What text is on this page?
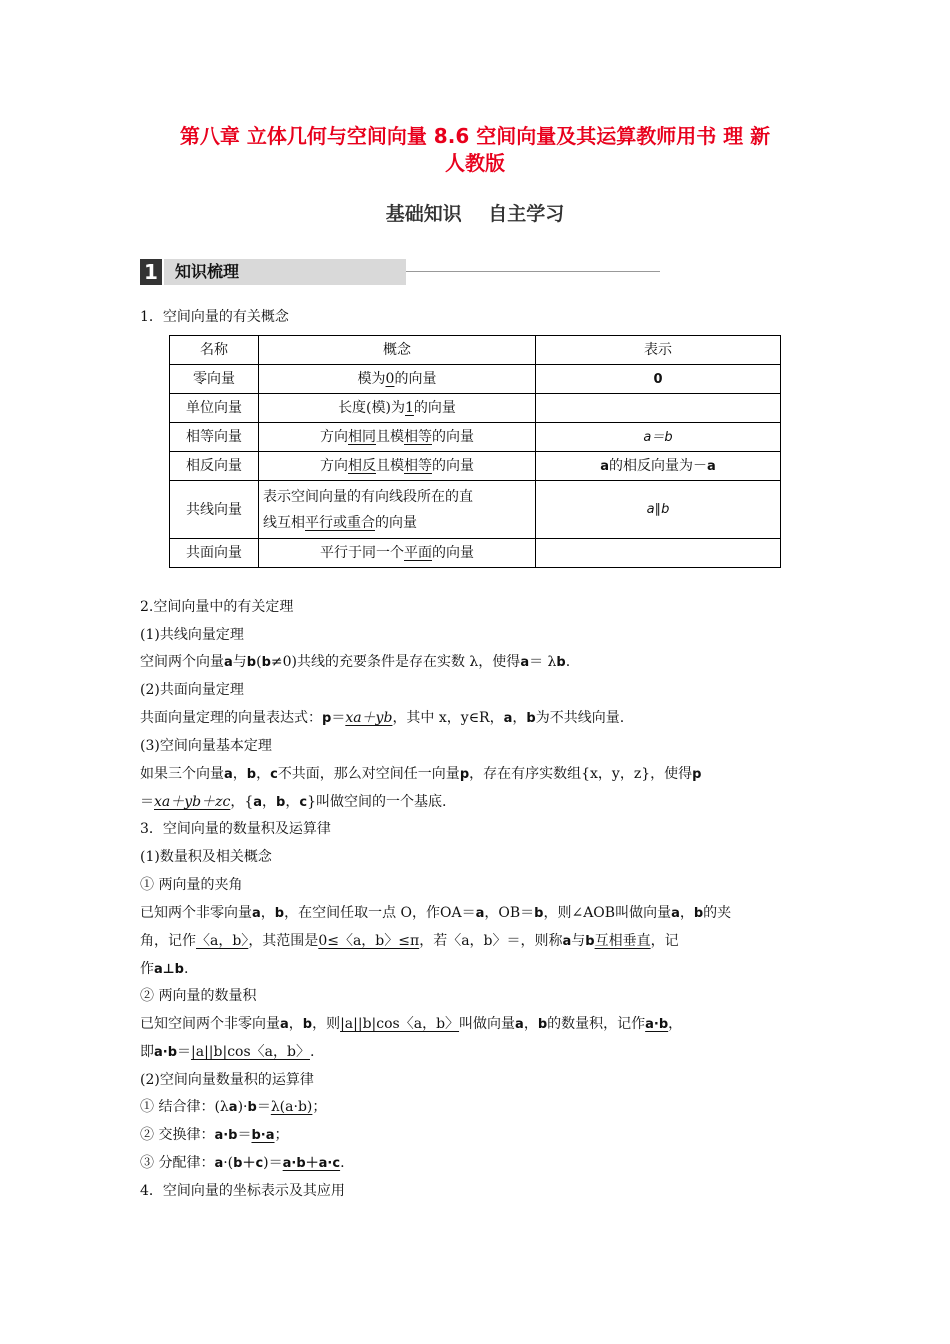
第八章 立体几何与空间向量 8.6 空间向量及其运算教师用书 理 新
人教版
基础知识    自主学习
1	知识梳理
1．空间向量的有关概念
名称	概念	表示
零向量	模为0的向量	0
单位向量	长度(模)为1的向量	
相等向量	方向相同且模相等的向量	a＝b
相反向量	方向相反且模相等的向量	a的相反向量为－a
共线向量	表示空间向量的有向线段所在的直
线互相平行或重合的向量	a∥b
共面向量	平行于同一个平面的向量	
2.空间向量中的有关定理
(1)共线向量定理
空间两个向量a与b(b≠0)共线的充要条件是存在实数 λ，使得a＝ λb.
(2)共面向量定理
共面向量定理的向量表达式：p＝xa＋yb，其中 x，y∈R，a，b为不共线向量.
(3)空间向量基本定理
如果三个向量a，b，c不共面，那么对空间任一向量p，存在有序实数组{x，y，z}，使得p
＝xa＋yb＋zc，{a，b，c}叫做空间的一个基底.
3．空间向量的数量积及运算律
(1)数量积及相关概念
① 两向量的夹角
已知两个非零向量a，b，在空间任取一点 O，作OA＝a，OB＝b，则∠AOB叫做向量a，b的夹
角，记作〈a，b〉，其范围是0≤〈a，b〉≤π，若〈a，b〉＝，则称a与b互相垂直，记
作a⊥b.
② 两向量的数量积
已知空间两个非零向量a，b，则|a||b|cos〈a，b〉叫做向量a，b的数量积，记作a·b，
即a·b＝|a||b|cos〈a，b〉.
(2)空间向量数量积的运算律
① 结合律：(λa)·b＝λ(a·b)；
② 交换律：a·b＝b·a；
③ 分配律：a·(b＋c)＝a·b＋a·c.
4．空间向量的坐标表示及其应用
